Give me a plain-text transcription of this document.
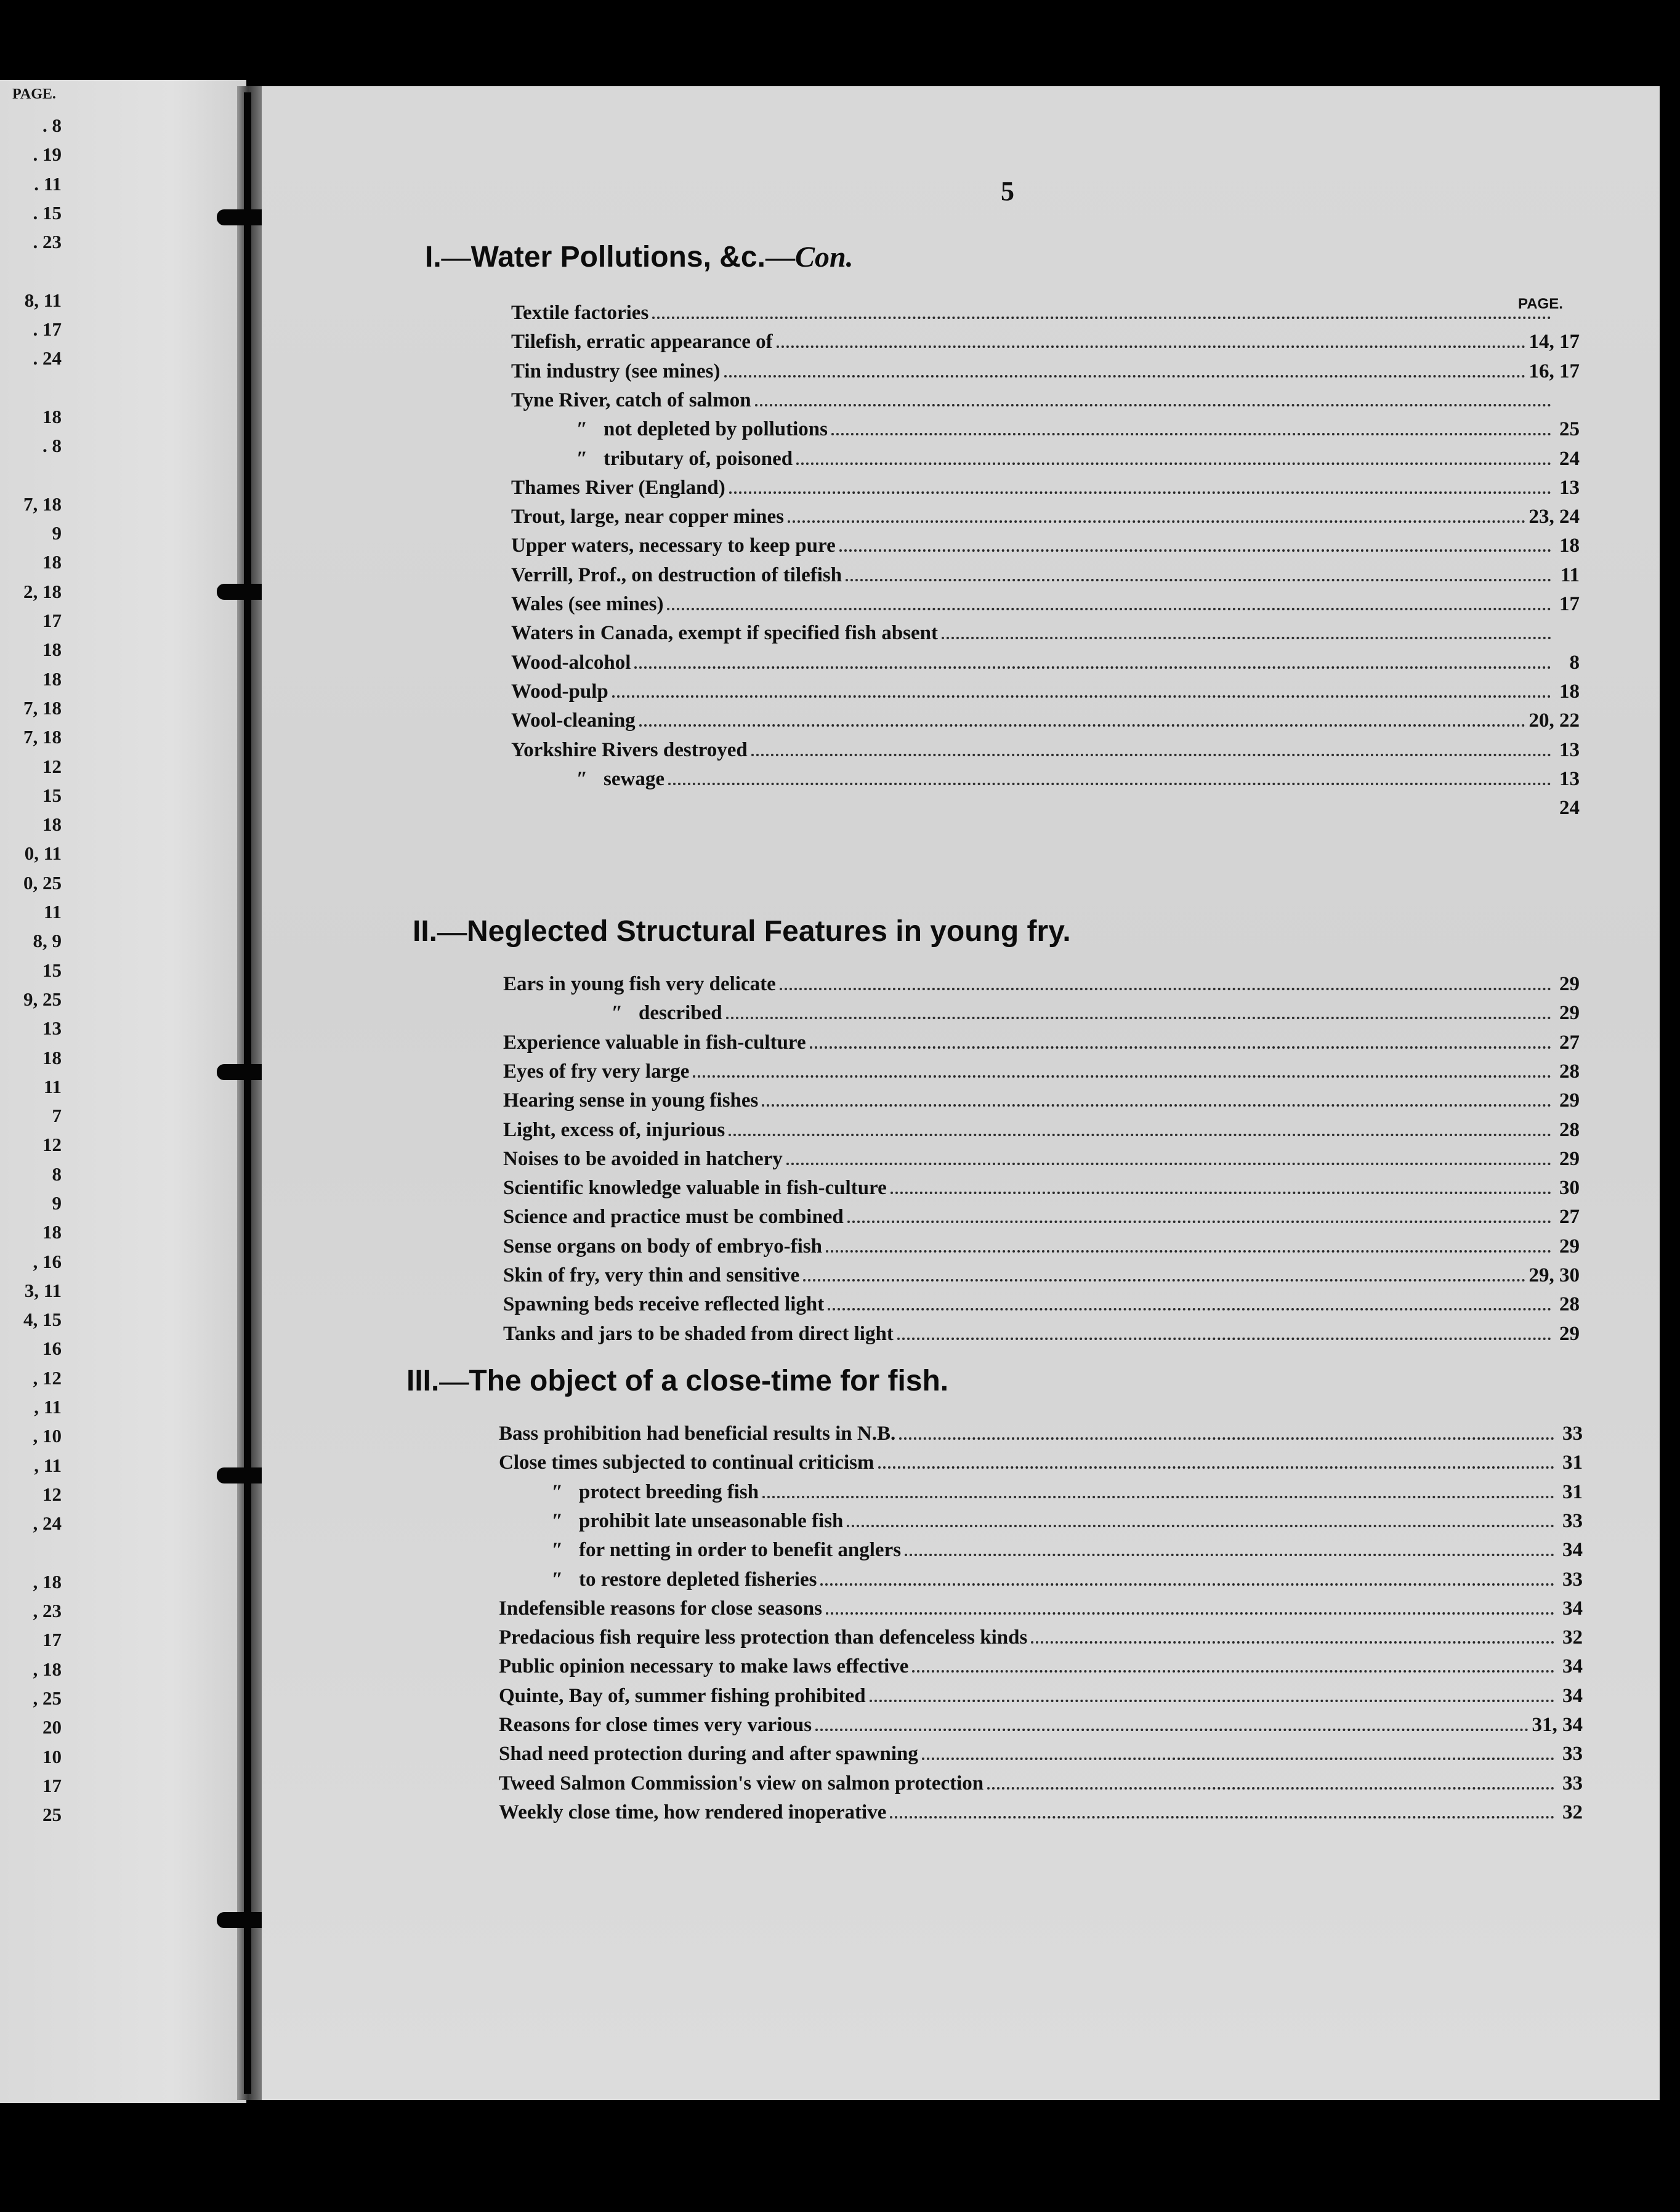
PAGE.
. 8
. 19
. 11
. 15
. 23
8, 11
. 17
. 24
18
. 8
7, 18
9
18
2, 18
17
18
18
7, 18
7, 18
12
15
18
0, 11
0, 25
11
8, 9
15
9, 25
13
18
11
7
12
8
9
18
, 16
3, 11
4, 15
16
, 12
, 11
, 10
, 11
12
, 24
, 18
, 23
17
, 18
, 25
20
10
17
25
5
I.—Water Pollutions, &c.—Con.
PAGE.
Textile factories
Tilefish, erratic appearance of	14, 17
Tin industry (see mines)	16, 17
Tyne River, catch of salmon
″ not depleted by pollutions	25
″ tributary of, poisoned	24
Thames River (England)	13
Trout, large, near copper mines	23, 24
Upper waters, necessary to keep pure	18
Verrill, Prof., on destruction of tilefish	11
Wales (see mines)	17
Waters in Canada, exempt if specified fish absent
Wood-alcohol	8
Wood-pulp	18
Wool-cleaning	20, 22
Yorkshire Rivers destroyed	13
″ sewage	13
24
II.—Neglected Structural Features in young fry.
Ears in young fish very delicate	29
″ described	29
Experience valuable in fish-culture	27
Eyes of fry very large	28
Hearing sense in young fishes	29
Light, excess of, injurious	28
Noises to be avoided in hatchery	29
Scientific knowledge valuable in fish-culture	30
Science and practice must be combined	27
Sense organs on body of embryo-fish	29
Skin of fry, very thin and sensitive	29, 30
Spawning beds receive reflected light	28
Tanks and jars to be shaded from direct light	29
III.—The object of a close-time for fish.
Bass prohibition had beneficial results in N.B.	33
Close times subjected to continual criticism	31
″ protect breeding fish	31
″ prohibit late unseasonable fish	33
″ for netting in order to benefit anglers	34
″ to restore depleted fisheries	33
Indefensible reasons for close seasons	34
Predacious fish require less protection than defenceless kinds	32
Public opinion necessary to make laws effective	34
Quinte, Bay of, summer fishing prohibited	34
Reasons for close times very various	31, 34
Shad need protection during and after spawning	33
Tweed Salmon Commission's view on salmon protection	33
Weekly close time, how rendered inoperative	32
